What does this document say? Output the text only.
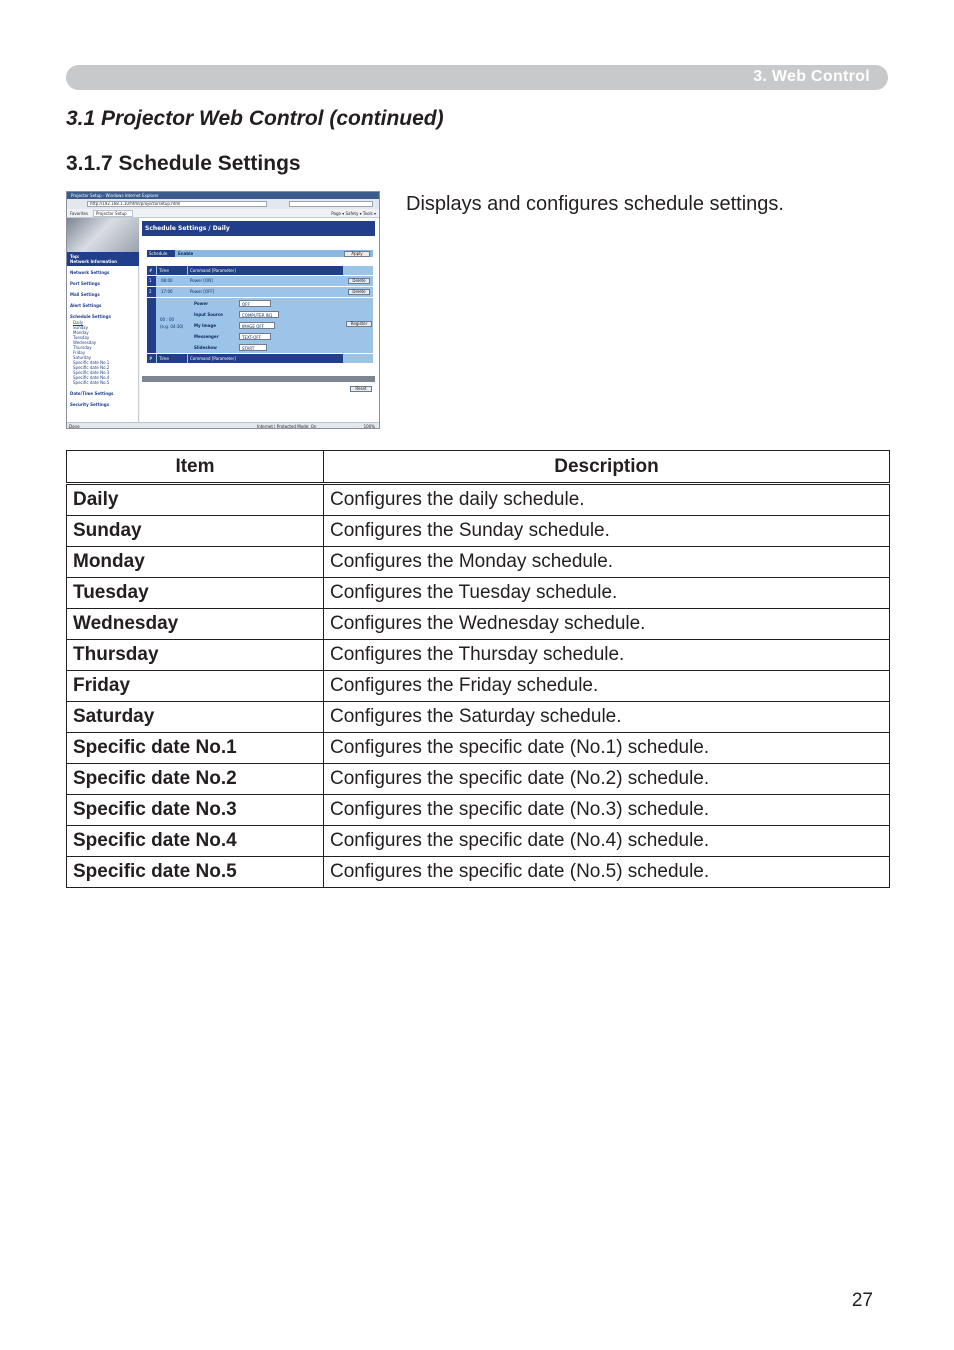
3. Web Control
3.1 Projector Web Control (continued)
3.1.7 Schedule Settings
Displays and configures schedule settings.
Projector Setup - Windows Internet Explorer
http://192.168.1.10/html/projectorsetup.html
Favorites	Projector Setup	Page ▾ Safety ▾ Tools ▾
Top:
Network Information
Network Settings
Port Settings
Mail Settings
Alert Settings
Schedule Settings
Daily
Sunday
Monday
Tuesday
Wednesday
Thursday
Friday
Saturday
Specific date No.1
Specific date No.2
Specific date No.3
Specific date No.4
Specific date No.5
Date/Time Settings
Security Settings
Schedule Settings / Daily
Schedule	Enable	Apply
#	Time	Command [Parameter]
1	08:00	Power [ON]	Delete
2	17:00	Power [OFF]	Delete
00 : 00
(e.g. 04:30)
Power	OFF
Input Source	COMPUTER IN1
My Image	IMAGE OFF
Messenger	TEXT-OFF
Slideshow	START
Register
#	Time	Command [Parameter]
Reset
Done	Internet | Protected Mode: On	100%
Item	Description
Daily	Configures the daily schedule.
Sunday	Configures the Sunday schedule.
Monday	Configures the Monday schedule.
Tuesday	Configures the Tuesday schedule.
Wednesday	Configures the Wednesday schedule.
Thursday	Configures the Thursday schedule.
Friday	Configures the Friday schedule.
Saturday	Configures the Saturday schedule.
Specific date No.1	Configures the specific date (No.1) schedule.
Specific date No.2	Configures the specific date (No.2) schedule.
Specific date No.3	Configures the specific date (No.3) schedule.
Specific date No.4	Configures the specific date (No.4) schedule.
Specific date No.5	Configures the specific date (No.5) schedule.
27
